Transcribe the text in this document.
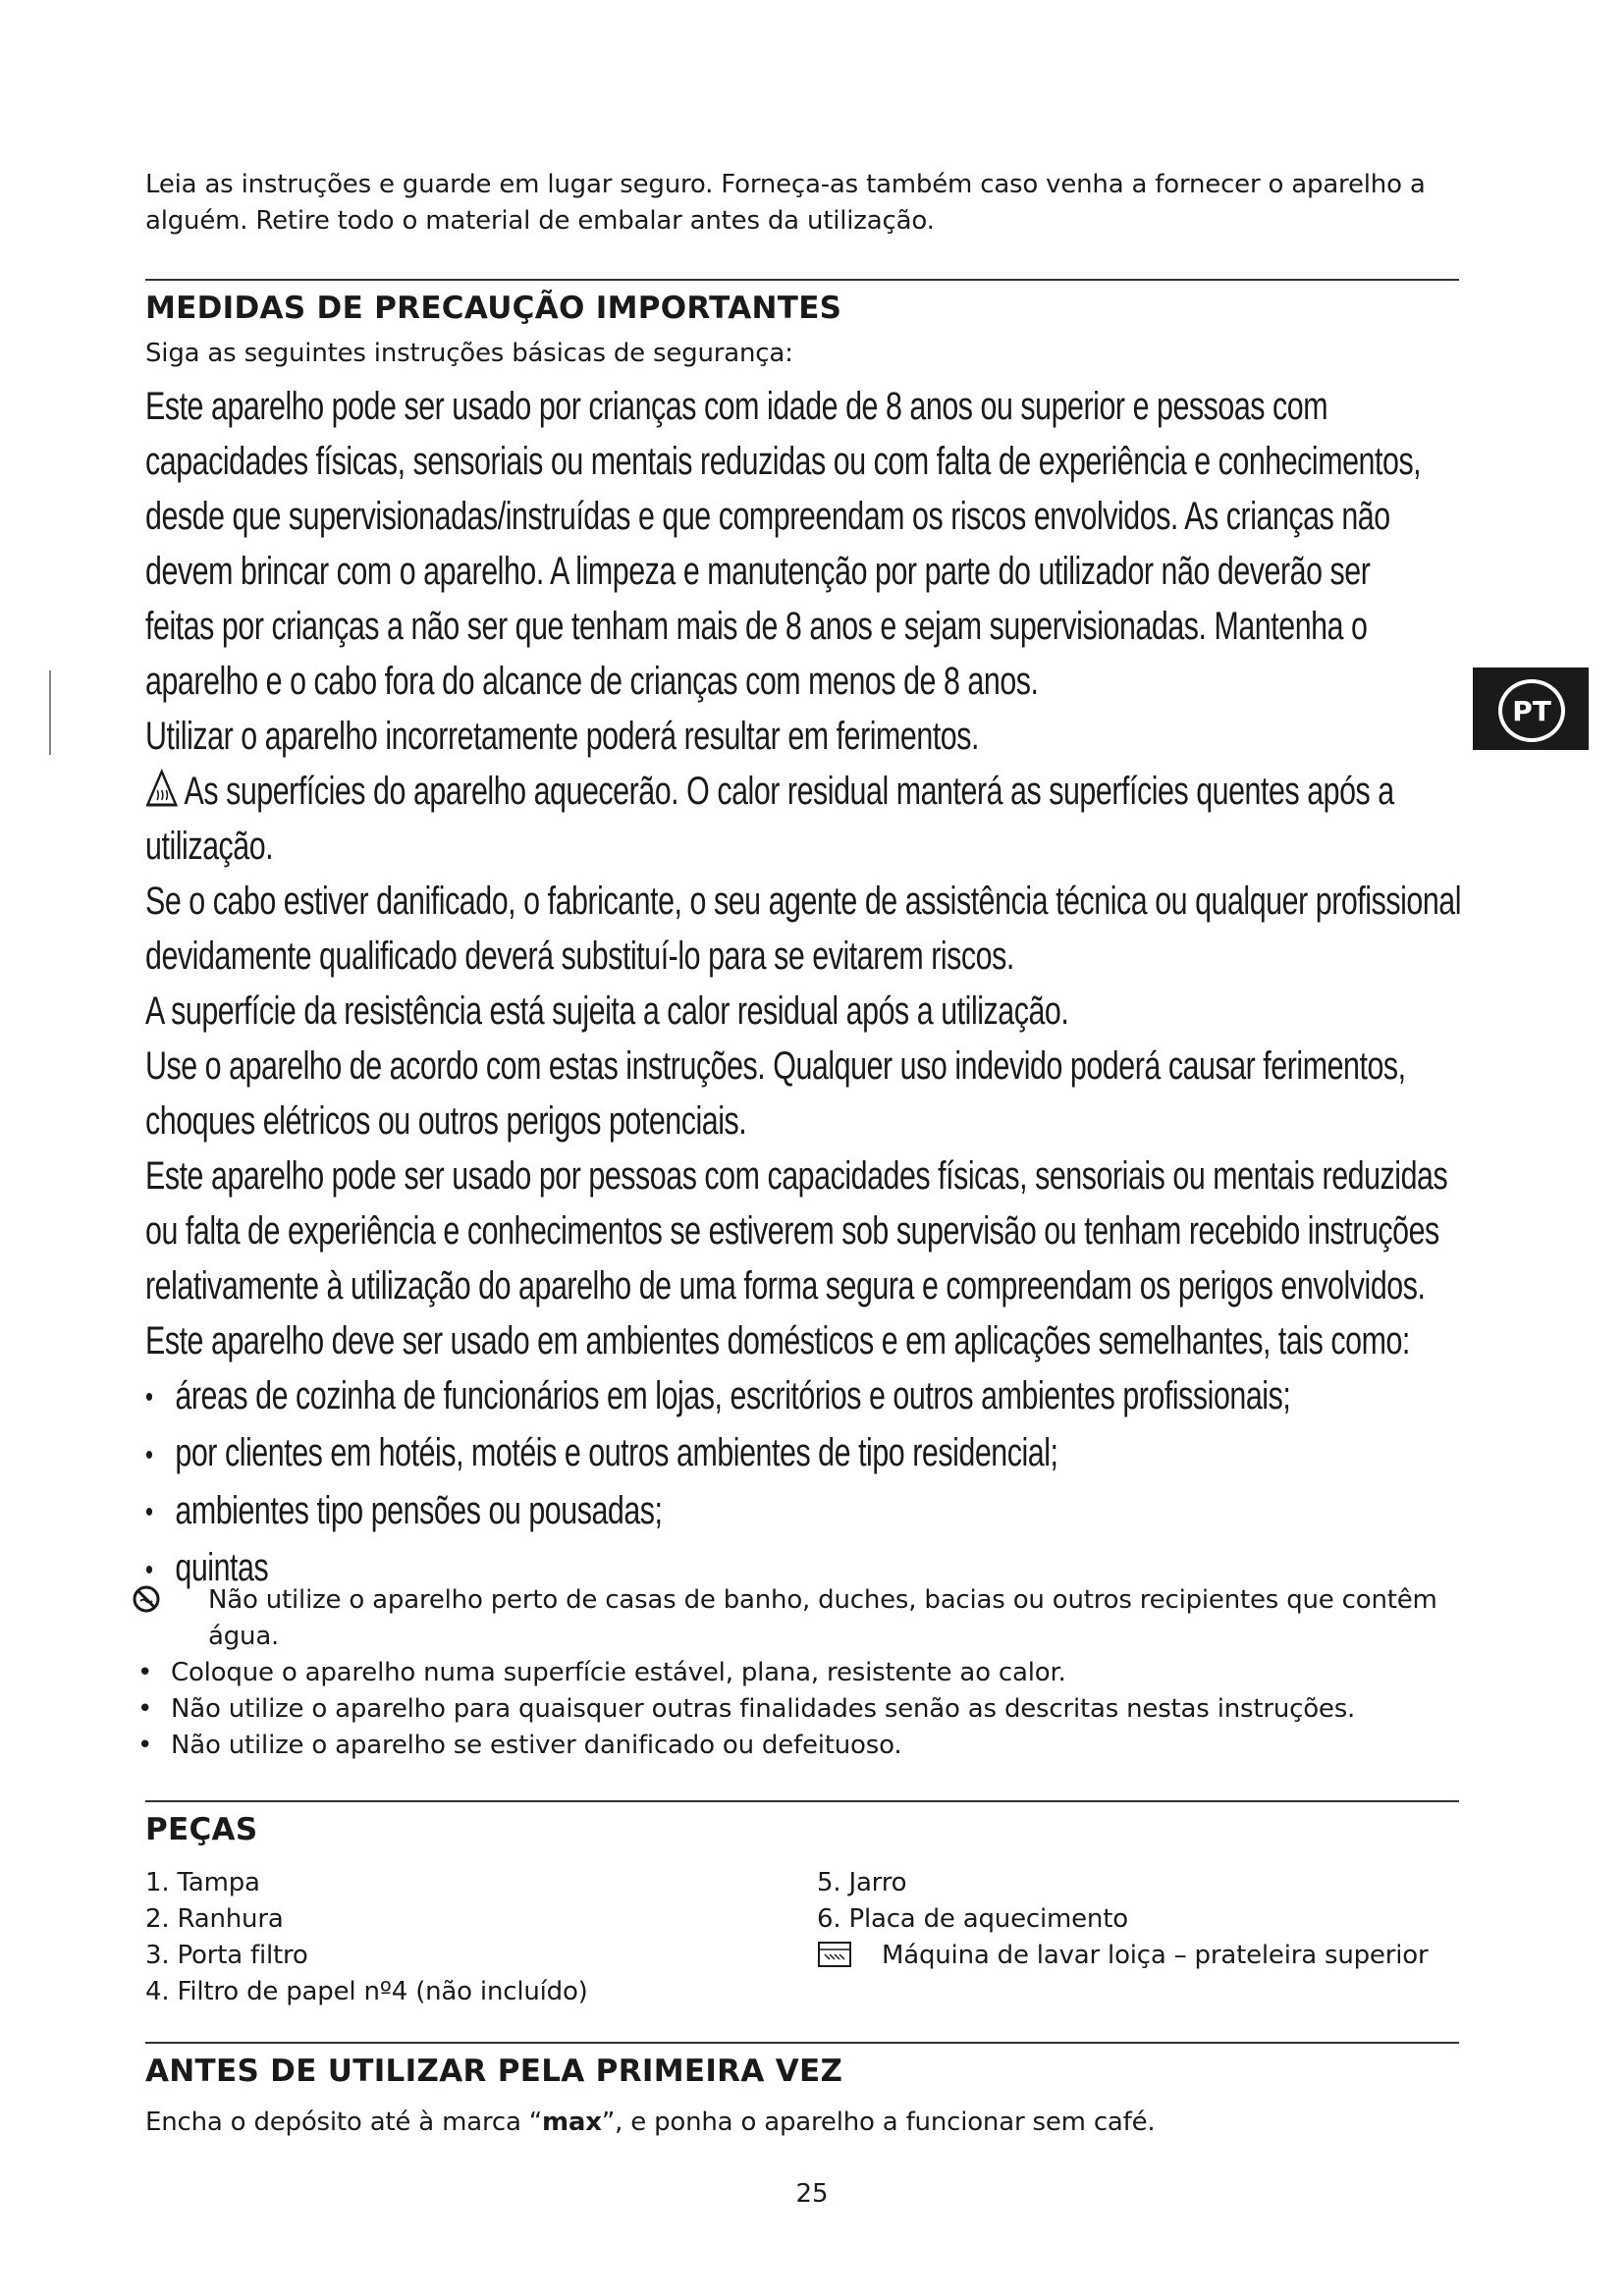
Leia as instruções e guarde em lugar seguro. Forneça-as também caso venha a fornecer o aparelho a
alguém. Retire todo o material de embalar antes da utilização.
MEDIDAS DE PRECAUÇÃO IMPORTANTES
Siga as seguintes instruções básicas de segurança:

Este aparelho pode ser usado por crianças com idade de 8 anos ou superior e pessoas com

capacidades físicas, sensoriais ou mentais reduzidas ou com falta de experiência e conhecimentos,

desde que supervisionadas/instruídas e que compreendam os riscos envolvidos. As crianças não

devem brincar com o aparelho. A limpeza e manutenção por parte do utilizador não deverão ser

feitas por crianças a não ser que tenham mais de 8 anos e sejam supervisionadas. Mantenha o

aparelho e o cabo fora do alcance de crianças com menos de 8 anos.

Utilizar o aparelho incorretamente poderá resultar em ferimentos.

As superfícies do aparelho aquecerão. O calor residual manterá as superfícies quentes após a

utilização.

Se o cabo estiver danificado, o fabricante, o seu agente de assistência técnica ou qualquer profissional

devidamente qualificado deverá substituí-lo para se evitarem riscos.

A superfície da resistência está sujeita a calor residual após a utilização.

Use o aparelho de acordo com estas instruções. Qualquer uso indevido poderá causar ferimentos,

choques elétricos ou outros perigos potenciais.

Este aparelho pode ser usado por pessoas com capacidades físicas, sensoriais ou mentais reduzidas

ou falta de experiência e conhecimentos se estiverem sob supervisão ou tenham recebido instruções

relativamente à utilização do aparelho de uma forma segura e compreendam os perigos envolvidos.

Este aparelho deve ser usado em ambientes domésticos e em aplicações semelhantes, tais como:

• áreas de cozinha de funcionários em lojas, escritórios e outros ambientes profissionais;

• por clientes em hotéis, motéis e outros ambientes de tipo residencial;

• ambientes tipo pensões ou pousadas;

• quintas

Não utilize o aparelho perto de casas de banho, duches, bacias ou outros recipientes que contêm
água.
• Coloque o aparelho numa superfície estável, plana, resistente ao calor.
• Não utilize o aparelho para quaisquer outras finalidades senão as descritas nestas instruções.
• Não utilize o aparelho se estiver danificado ou defeituoso.
PT
PEÇAS
1. Tampa
2. Ranhura
3. Porta filtro
4. Filtro de papel nº4 (não incluído)
5. Jarro
6. Placa de aquecimento
Máquina de lavar loiça – prateleira superior
ANTES DE UTILIZAR PELA PRIMEIRA VEZ
Encha o depósito até à marca “max”, e ponha o aparelho a funcionar sem café.
25
